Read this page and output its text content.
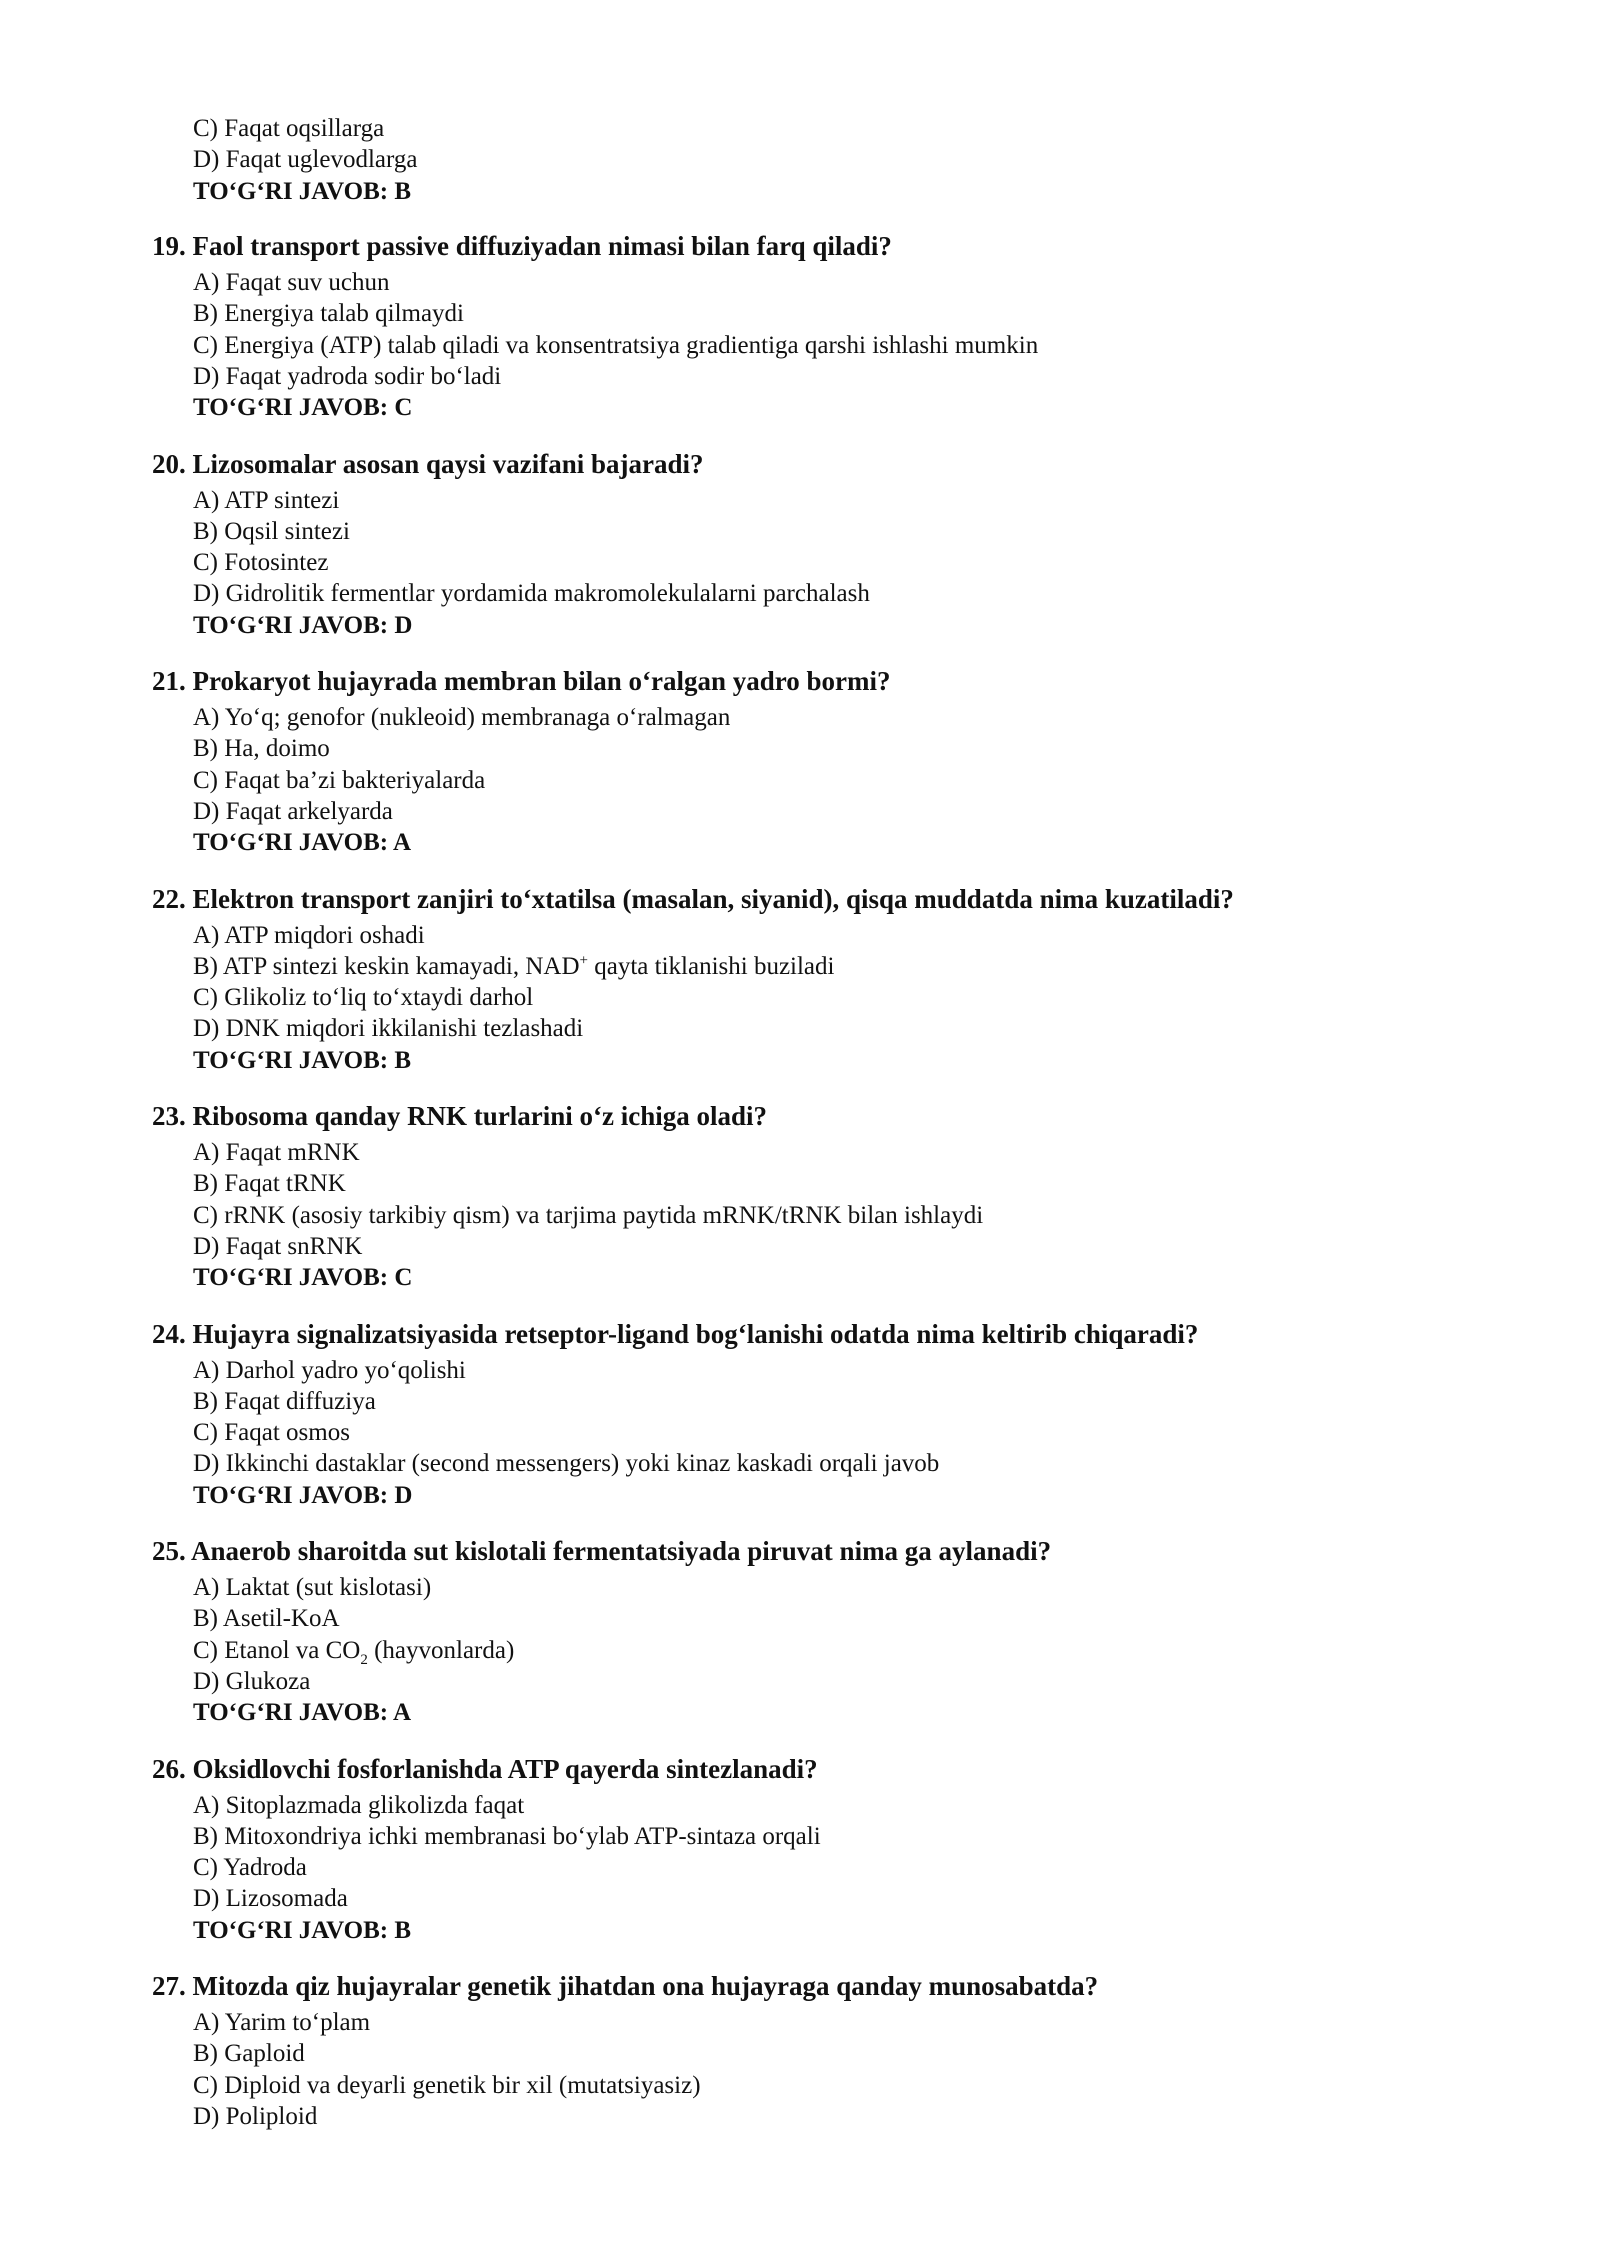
C) Faqat oqsillarga
D) Faqat uglevodlarga
TO‘G‘RI JAVOB: B
19. Faol transport passive diffuziyadan nimasi bilan farq qiladi?
A) Faqat suv uchun
B) Energiya talab qilmaydi
C) Energiya (ATP) talab qiladi va konsentratsiya gradientiga qarshi ishlashi mumkin
D) Faqat yadroda sodir bo‘ladi
TO‘G‘RI JAVOB: C
20. Lizosomalar asosan qaysi vazifani bajaradi?
A) ATP sintezi
B) Oqsil sintezi
C) Fotosintez
D) Gidrolitik fermentlar yordamida makromolekulalarni parchalash
TO‘G‘RI JAVOB: D
21. Prokaryot hujayrada membran bilan o‘ralgan yadro bormi?
A) Yo‘q; genofor (nukleoid) membranaga o‘ralmagan
B) Ha, doimo
C) Faqat ba’zi bakteriyalarda
D) Faqat arkelyarda
TO‘G‘RI JAVOB: A
22. Elektron transport zanjiri to‘xtatilsa (masalan, siyanid), qisqa muddatda nima kuzatiladi?
A) ATP miqdori oshadi
B) ATP sintezi keskin kamayadi, NAD+ qayta tiklanishi buziladi
C) Glikoliz to‘liq to‘xtaydi darhol
D) DNK miqdori ikkilanishi tezlashadi
TO‘G‘RI JAVOB: B
23. Ribosoma qanday RNK turlarini o‘z ichiga oladi?
A) Faqat mRNK
B) Faqat tRNK
C) rRNK (asosiy tarkibiy qism) va tarjima paytida mRNK/tRNK bilan ishlaydi
D) Faqat snRNK
TO‘G‘RI JAVOB: C
24. Hujayra signalizatsiyasida retseptor-ligand bog‘lanishi odatda nima keltirib chiqaradi?
A) Darhol yadro yo‘qolishi
B) Faqat diffuziya
C) Faqat osmos
D) Ikkinchi dastaklar (second messengers) yoki kinaz kaskadi orqali javob
TO‘G‘RI JAVOB: D
25. Anaerob sharoitda sut kislotali fermentatsiyada piruvat nima ga aylanadi?
A) Laktat (sut kislotasi)
B) Asetil-KoA
C) Etanol va $CO_2$ (hayvonlarda)
D) Glukoza
TO‘G‘RI JAVOB: A
26. Oksidlovchi fosforlanishda ATP qayerda sintezlanadi?
A) Sitoplazmada glikolizda faqat
B) Mitoxondriya ichki membranasi bo‘ylab ATP-sintaza orqali
C) Yadroda
D) Lizosomada
TO‘G‘RI JAVOB: B
27. Mitozda qiz hujayralar genetik jihatdan ona hujayraga qanday munosabatda?
A) Yarim to‘plam
B) Gaploid
C) Diploid va deyarli genetik bir xil (mutatsiyasiz)
D) Poliploid
